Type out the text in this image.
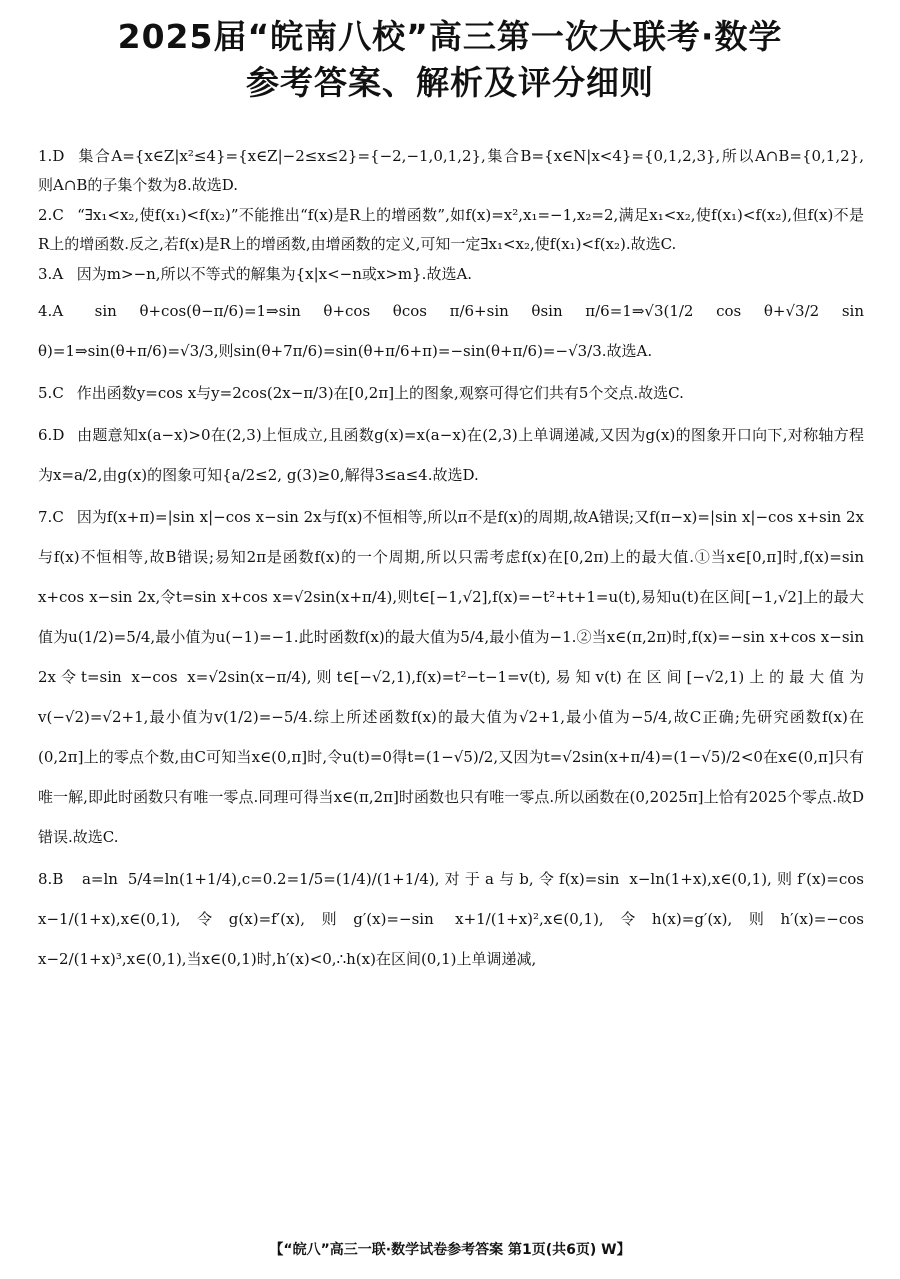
2025届“皖南八校”高三第一次大联考·数学
参考答案、解析及评分细则
1.D 集合A={x∈Z|x²≤4}={x∈Z|−2≤x≤2}={−2,−1,0,1,2},集合B={x∈N|x<4}={0,1,2,3},所以A∩B={0,1,2},则A∩B的子集个数为8.故选D.
2.C “∃x₁<x₂,使f(x₁)<f(x₂)”不能推出“f(x)是R上的增函数”,如f(x)=x²,x₁=−1,x₂=2,满足x₁<x₂,使f(x₁)<f(x₂),但f(x)不是R上的增函数.反之,若f(x)是R上的增函数,由增函数的定义,可知一定∃x₁<x₂,使f(x₁)<f(x₂).故选C.
3.A 因为m>−n,所以不等式的解集为{x|x<−n或x>m}.故选A.
4.A sin θ+cos(θ−π/6)=1⇒sin θ+cos θcos π/6+sin θsin π/6=1⇒√3(1/2 cos θ+√3/2 sin θ)=1⇒sin(θ+π/6)=√3/3,则sin(θ+7π/6)=sin(θ+π/6+π)=−sin(θ+π/6)=−√3/3.故选A.
5.C 作出函数y=cos x与y=2cos(2x−π/3)在[0,2π]上的图象,观察可得它们共有5个交点.故选C.
6.D 由题意知x(a−x)>0在(2,3)上恒成立,且函数g(x)=x(a−x)在(2,3)上单调递减,又因为g(x)的图象开口向下,对称轴方程为x=a/2,由g(x)的图象可知{a/2≤2, g(3)≥0,解得3≤a≤4.故选D.
7.C 因为f(x+π)=|sin x|−cos x−sin 2x与f(x)不恒相等,所以π不是f(x)的周期,故A错误;又f(π−x)=|sin x|−cos x+sin 2x与f(x)不恒相等,故B错误;易知2π是函数f(x)的一个周期,所以只需考虑f(x)在[0,2π)上的最大值.①当x∈[0,π]时,f(x)=sin x+cos x−sin 2x,令t=sin x+cos x=√2sin(x+π/4),则t∈[−1,√2],f(x)=−t²+t+1=u(t),易知u(t)在区间[−1,√2]上的最大值为u(1/2)=5/4,最小值为u(−1)=−1.此时函数f(x)的最大值为5/4,最小值为−1.②当x∈(π,2π)时,f(x)=−sin x+cos x−sin 2x令t=sin x−cos x=√2sin(x−π/4),则t∈[−√2,1),f(x)=t²−t−1=v(t),易知v(t)在区间[−√2,1)上的最大值为v(−√2)=√2+1,最小值为v(1/2)=−5/4.综上所述函数f(x)的最大值为√2+1,最小值为−5/4,故C正确;先研究函数f(x)在(0,2π]上的零点个数,由C可知当x∈(0,π]时,令u(t)=0得t=(1−√5)/2,又因为t=√2sin(x+π/4)=(1−√5)/2<0在x∈(0,π]只有唯一解,即此时函数只有唯一零点.同理可得当x∈(π,2π]时函数也只有唯一零点.所以函数在(0,2025π]上恰有2025个零点.故D错误.故选C.
8.B a=ln 5/4=ln(1+1/4),c=0.2=1/5=(1/4)/(1+1/4),对于a与b,令f(x)=sin x−ln(1+x),x∈(0,1),则f′(x)=cos x−1/(1+x),x∈(0,1),令g(x)=f′(x),则g′(x)=−sin x+1/(1+x)²,x∈(0,1),令h(x)=g′(x),则h′(x)=−cos x−2/(1+x)³,x∈(0,1),当x∈(0,1)时,h′(x)<0,∴h(x)在区间(0,1)上单调递减,
【“皖八”高三一联·数学试卷参考答案 第1页(共6页) W】
